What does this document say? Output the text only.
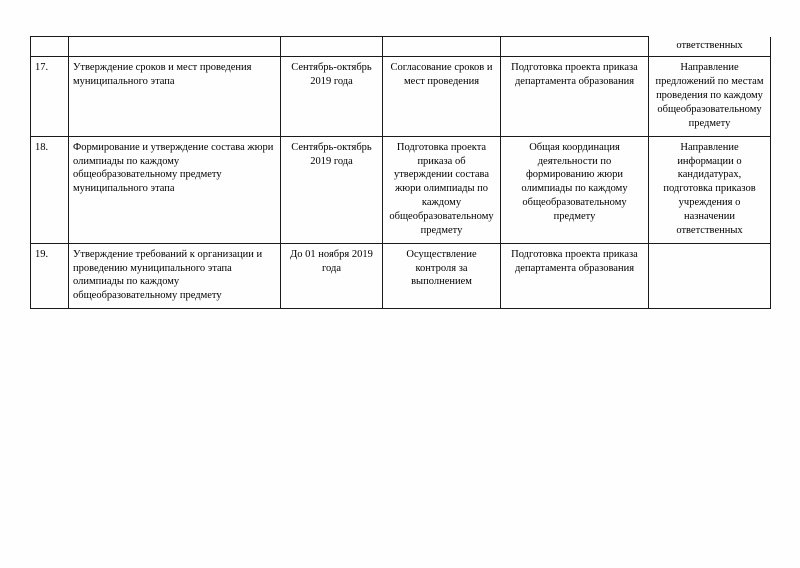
					ответственных
17.	Утверждение сроков и мест проведения муниципального этапа	Сентябрь-октябрь 2019 года	Согласование сроков и мест проведения	Подготовка проекта приказа департамента образования	Направление предложений по местам проведения по каждому общеобразовательному предмету
18.	Формирование и утверждение состава жюри олимпиады по каждому общеобразовательному предмету муниципального этапа	Сентябрь-октябрь 2019 года	Подготовка проекта приказа об утверждении состава жюри олимпиады по каждому общеобразовательному предмету	Общая координация деятельности по формированию жюри олимпиады по каждому общеобразовательному предмету	Направление информации о кандидатурах, подготовка приказов учреждения о назначении ответственных
19.	Утверждение требований к организации и проведению муниципального этапа олимпиады по каждому общеобразовательному предмету	До 01 ноября 2019 года	Осуществление контроля за выполнением	Подготовка проекта приказа департамента образования	
